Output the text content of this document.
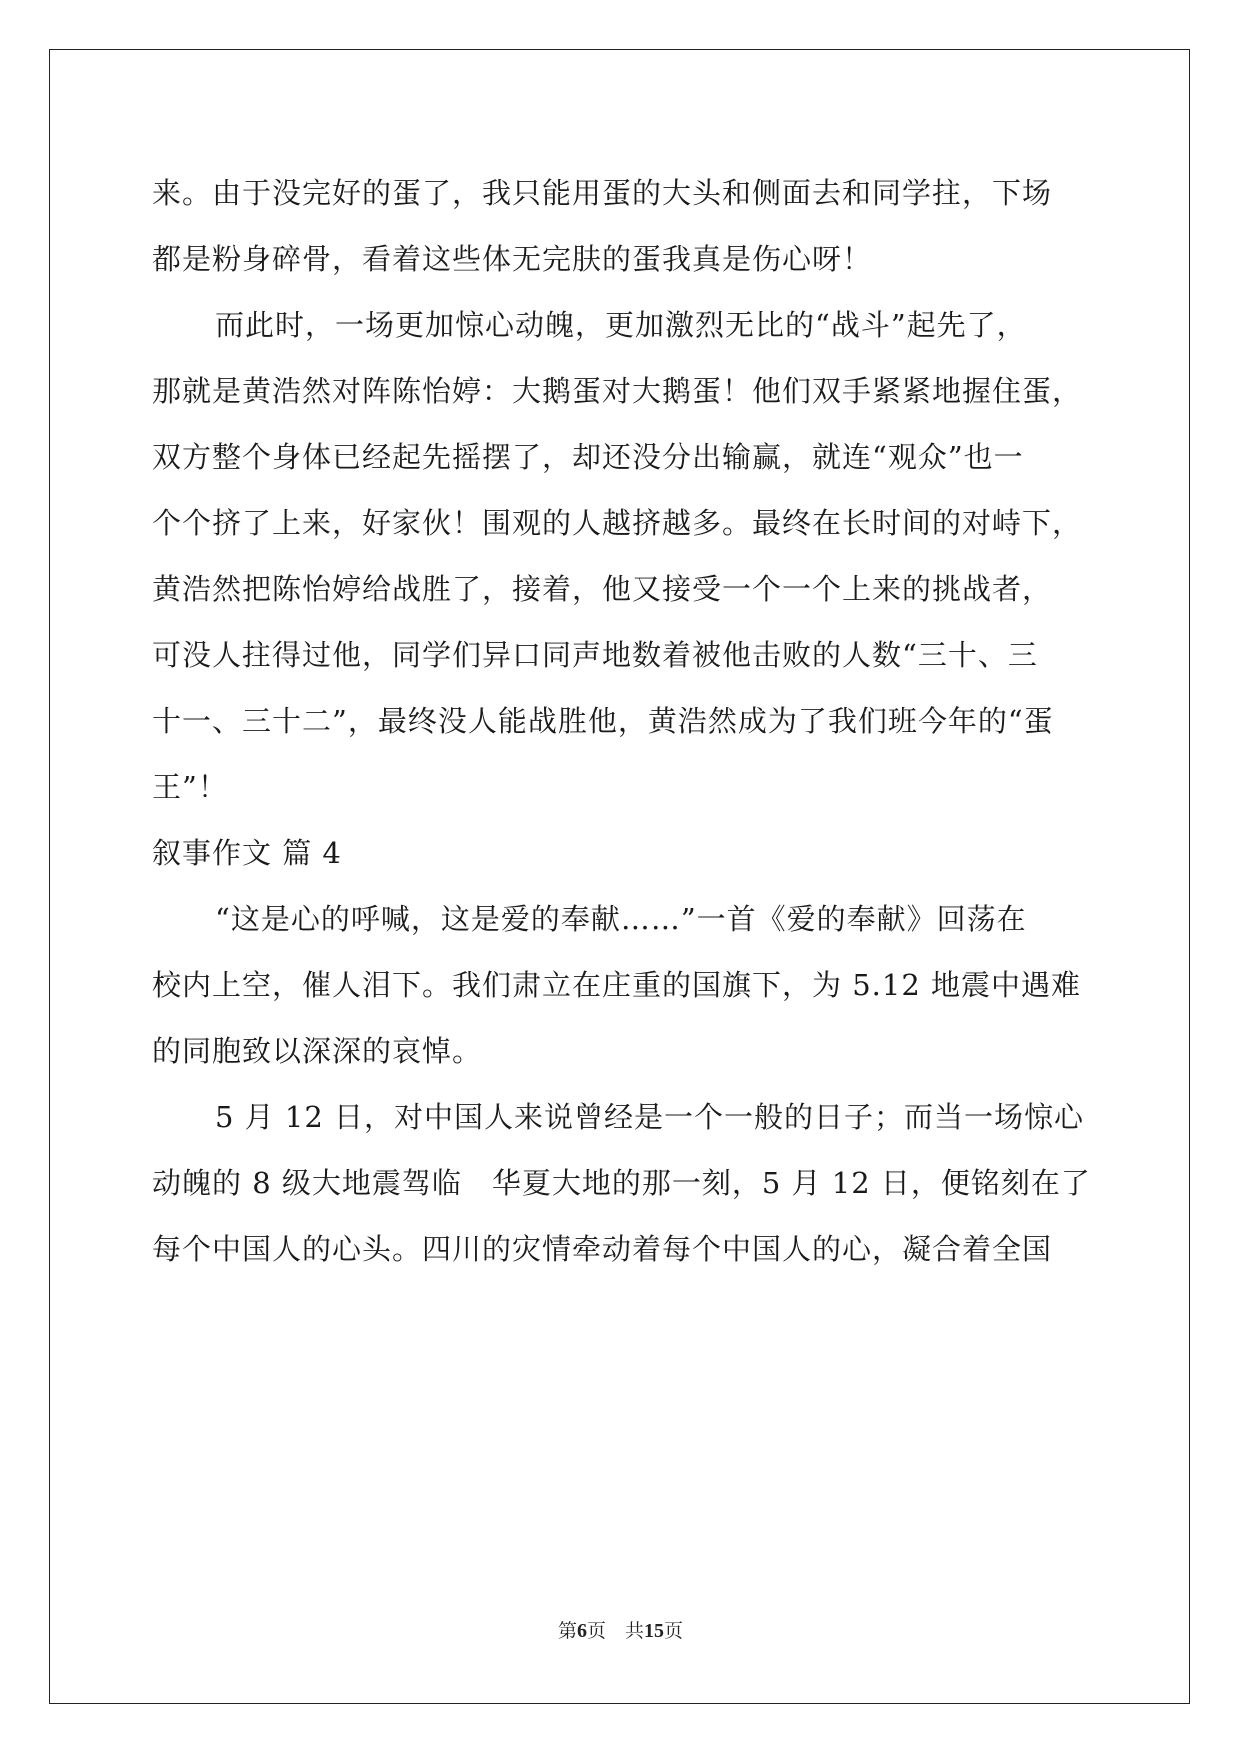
来。由于没完好的蛋了，我只能用蛋的大头和侧面去和同学拄，下场
都是粉身碎骨，看着这些体无完肤的蛋我真是伤心呀！
而此时，一场更加惊心动魄，更加激烈无比的“战斗”起先了，
那就是黄浩然对阵陈怡婷：大鹅蛋对大鹅蛋！他们双手紧紧地握住蛋，
双方整个身体已经起先摇摆了，却还没分出输赢，就连“观众”也一
个个挤了上来，好家伙！围观的人越挤越多。最终在长时间的对峙下，
黄浩然把陈怡婷给战胜了，接着，他又接受一个一个上来的挑战者，
可没人拄得过他，同学们异口同声地数着被他击败的人数“三十、三
十一、三十二”，最终没人能战胜他，黄浩然成为了我们班今年的“蛋
王”！
叙事作文 篇 4
“这是心的呼喊，这是爱的奉献……”一首《爱的奉献》回荡在
校内上空，催人泪下。我们肃立在庄重的国旗下，为 5.12 地震中遇难
的同胞致以深深的哀悼。
5 月 12 日，对中国人来说曾经是一个一般的日子；而当一场惊心
动魄的 8 级大地震驾临　华夏大地的那一刻，5 月 12 日，便铭刻在了
每个中国人的心头。四川的灾情牵动着每个中国人的心，凝合着全国
第6页　共15页
